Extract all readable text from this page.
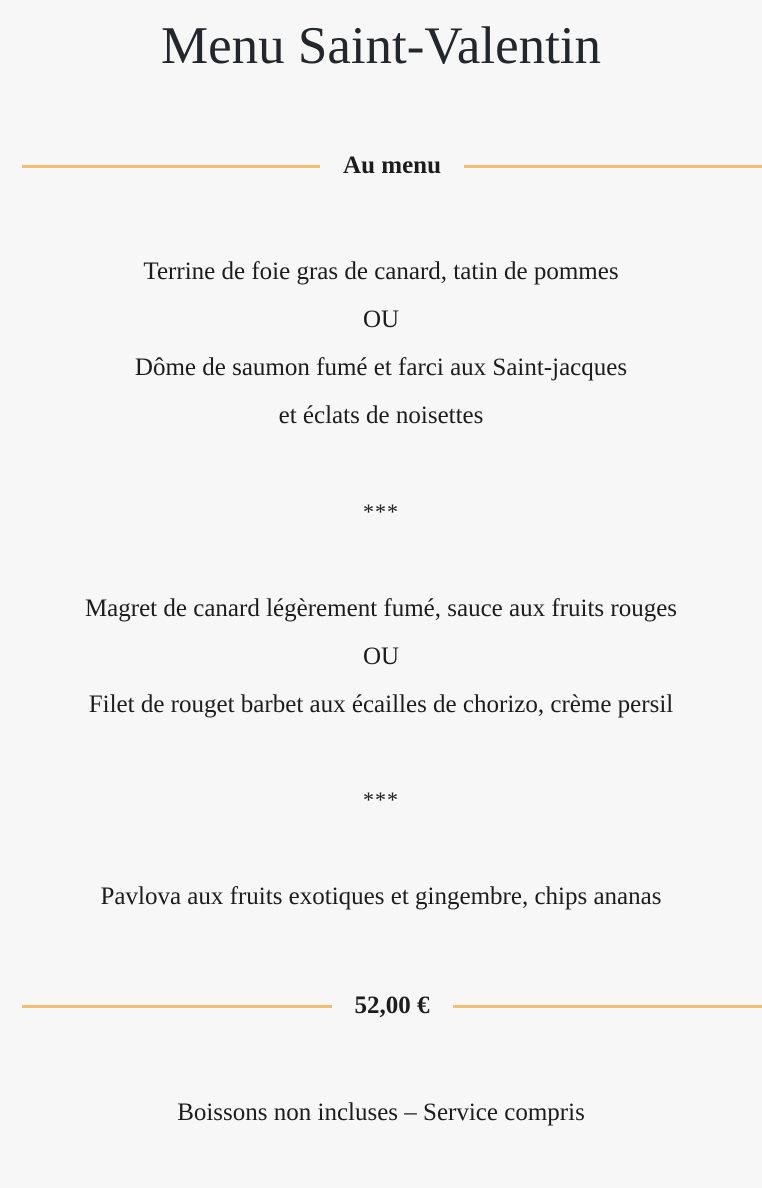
Menu Saint-Valentin
Au menu
Terrine de foie gras de canard, tatin de pommes
OU
Dôme de saumon fumé et farci aux Saint-jacques
et éclats de noisettes
***
Magret de canard légèrement fumé, sauce aux fruits rouges
OU
Filet de rouget barbet aux écailles de chorizo, crème persil
***
Pavlova aux fruits exotiques et gingembre, chips ananas
52,00 €
Boissons non incluses – Service compris
